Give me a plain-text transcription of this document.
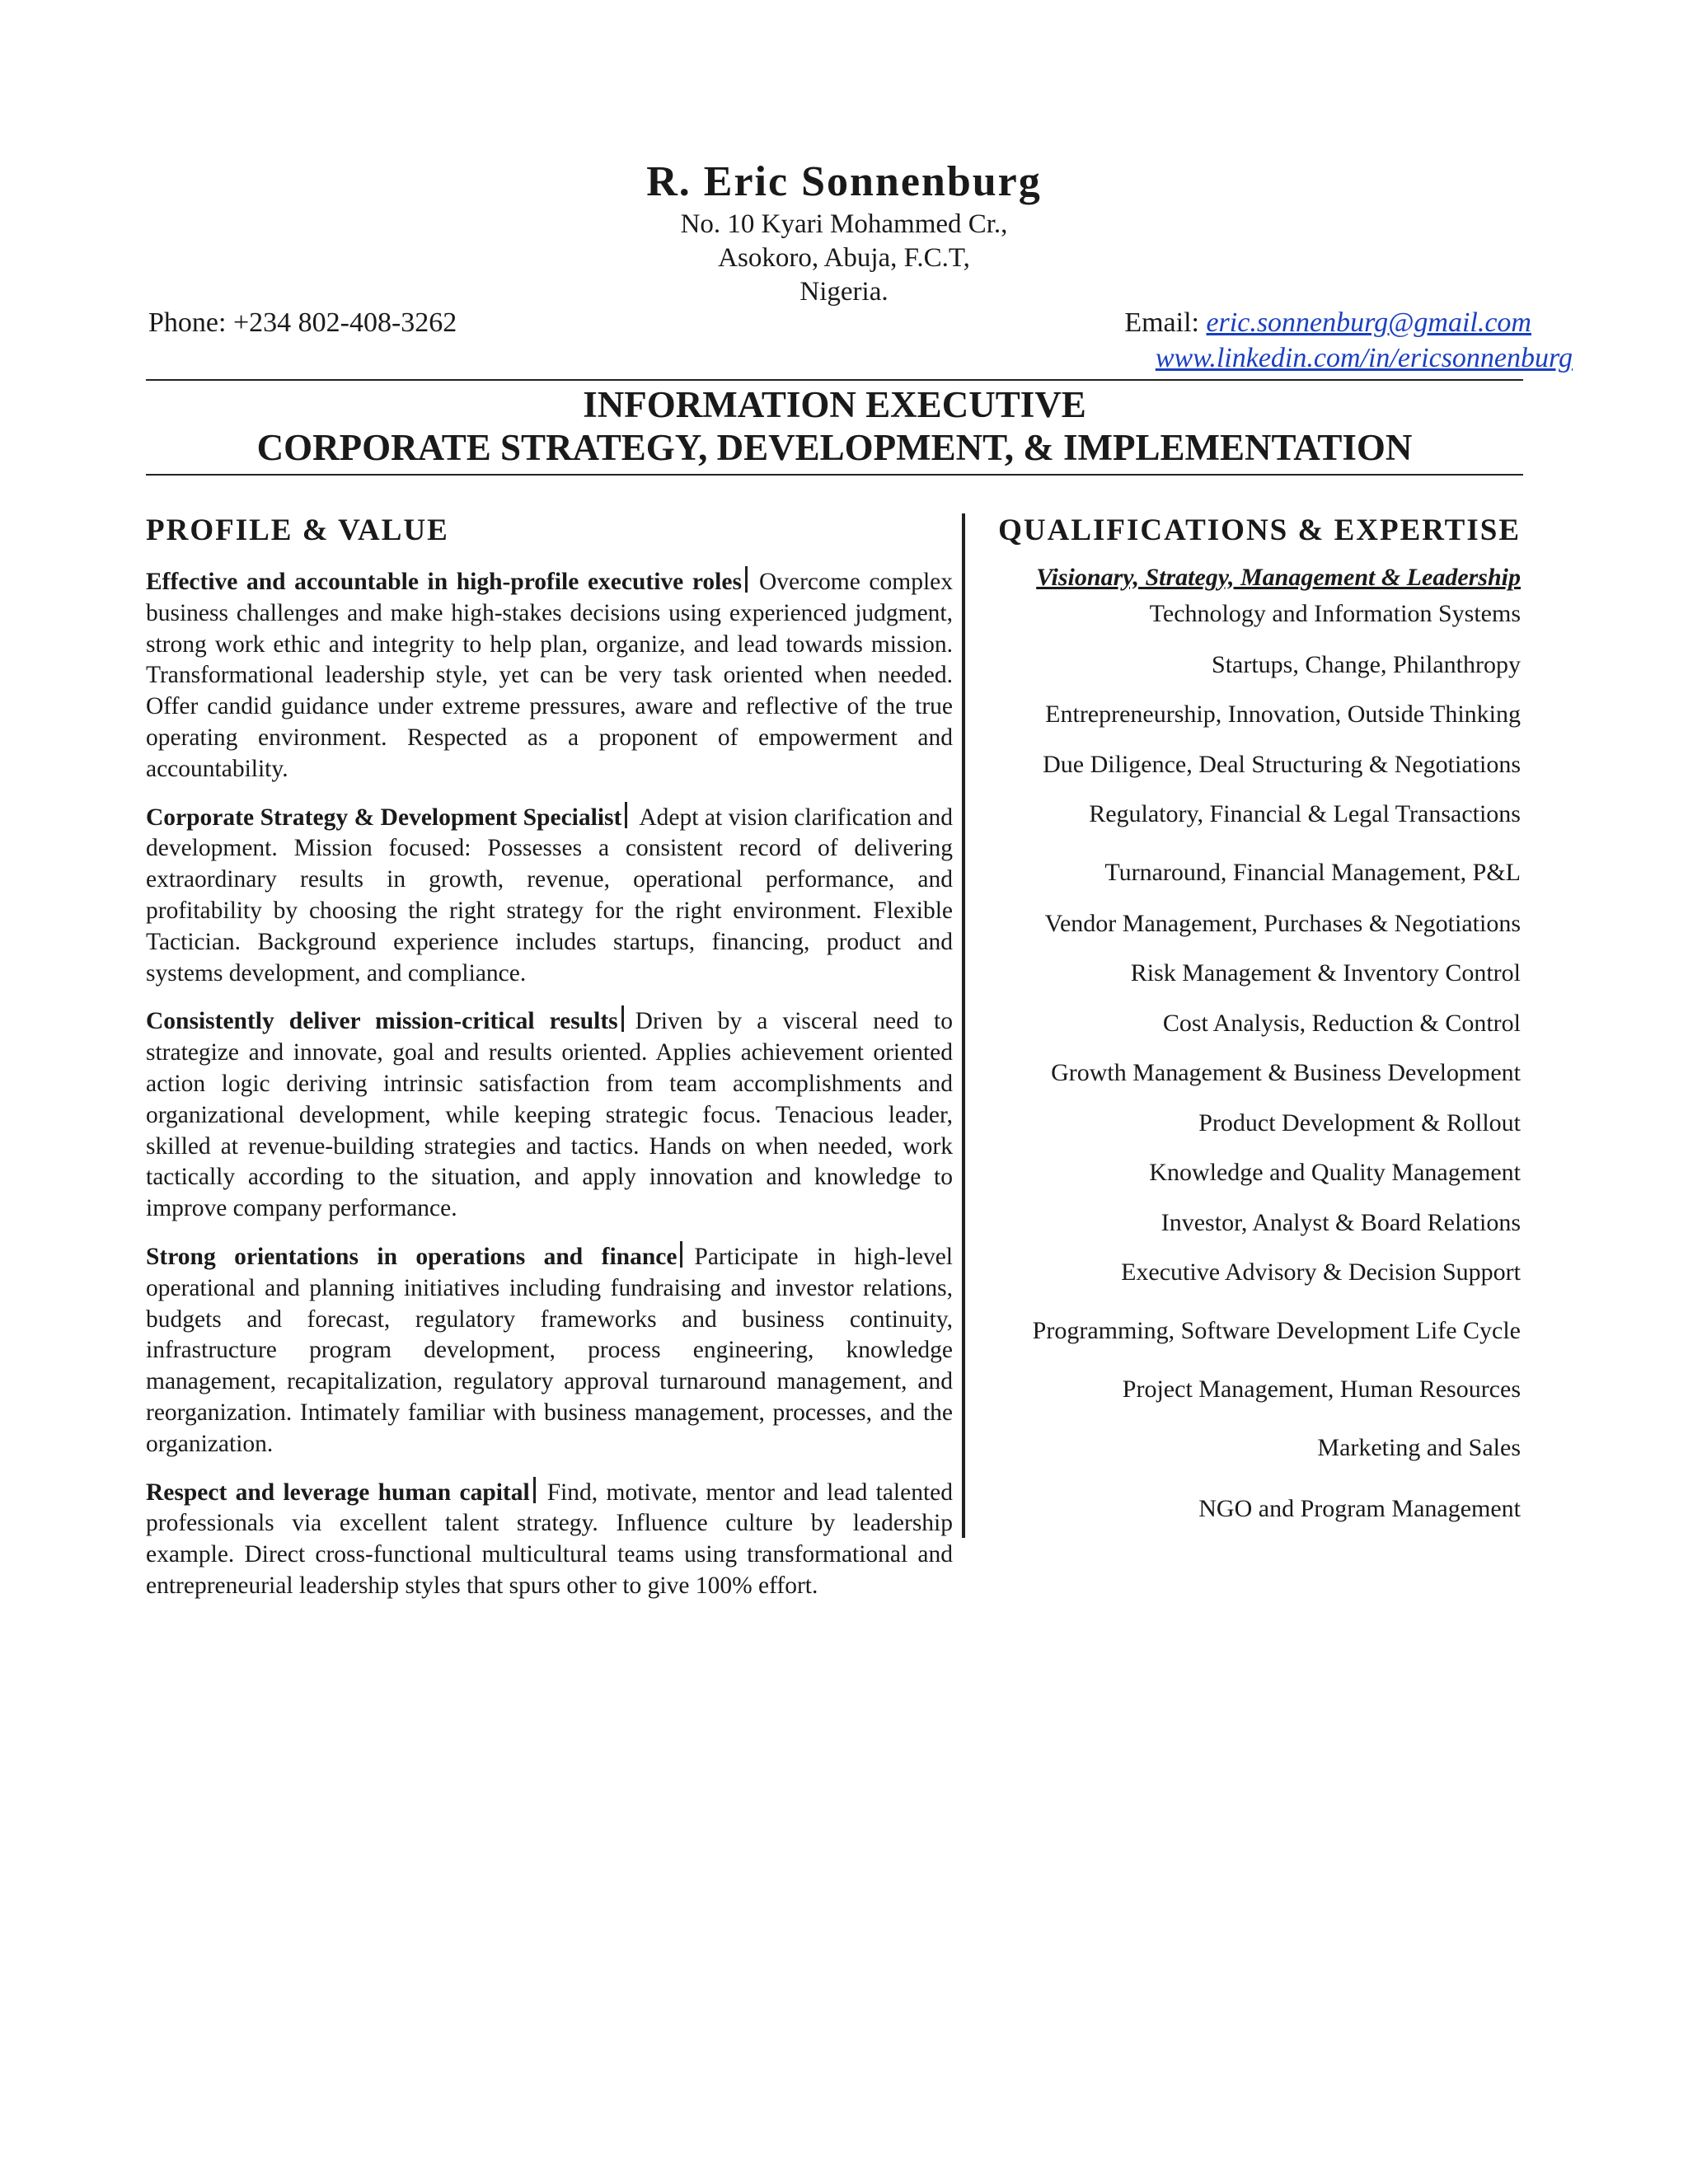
R. Eric Sonnenburg
No. 10 Kyari Mohammed Cr.,
Asokoro, Abuja, F.C.T,
Nigeria.
Phone: +234 802-408-3262	Email: eric.sonnenburg@gmail.com
www.linkedin.com/in/ericsonnenburg
INFORMATION EXECUTIVE
CORPORATE STRATEGY, DEVELOPMENT, & IMPLEMENTATION
PROFILE & VALUE

Effective and accountable in high-profile executive roles Overcome complex business challenges and make high-stakes decisions using experienced judgment, strong work ethic and integrity to help plan, organize, and lead towards mission. Transformational leadership style, yet can be very task oriented when needed. Offer candid guidance under extreme pressures, aware and reflective of the true operating environment. Respected as a proponent of empowerment and accountability.

Corporate Strategy & Development Specialist Adept at vision clarification and development. Mission focused: Possesses a consistent record of delivering extraordinary results in growth, revenue, operational performance, and profitability by choosing the right strategy for the right environment. Flexible Tactician. Background experience includes startups, financing, product and systems development, and compliance.

Consistently deliver mission-critical results Driven by a visceral need to strategize and innovate, goal and results oriented. Applies achievement oriented action logic deriving intrinsic satisfaction from team accomplishments and organizational development, while keeping strategic focus. Tenacious leader, skilled at revenue-building strategies and tactics. Hands on when needed, work tactically according to the situation, and apply innovation and knowledge to improve company performance.

Strong orientations in operations and finance Participate in high-level operational and planning initiatives including fundraising and investor relations, budgets and forecast, regulatory frameworks and business continuity, infrastructure program development, process engineering, knowledge management, recapitalization, regulatory approval turnaround management, and reorganization. Intimately familiar with business management, processes, and the organization.

Respect and leverage human capital Find, motivate, mentor and lead talented professionals via excellent talent strategy. Influence culture by leadership example. Direct cross-functional multicultural teams using transformational and entrepreneurial leadership styles that spurs other to give 100% effort.

QUALIFICATIONS & EXPERTISE
Visionary, Strategy, Management & Leadership
Technology and Information Systems
Startups, Change, Philanthropy
Entrepreneurship, Innovation, Outside Thinking
Due Diligence, Deal Structuring & Negotiations
Regulatory, Financial & Legal Transactions
Turnaround, Financial Management, P&L
Vendor Management, Purchases & Negotiations
Risk Management & Inventory Control
Cost Analysis, Reduction & Control
Growth Management & Business Development
Product Development & Rollout
Knowledge and Quality Management
Investor, Analyst & Board Relations
Executive Advisory & Decision Support
Programming, Software Development Life Cycle
Project Management, Human Resources
Marketing and Sales
NGO and Program Management
